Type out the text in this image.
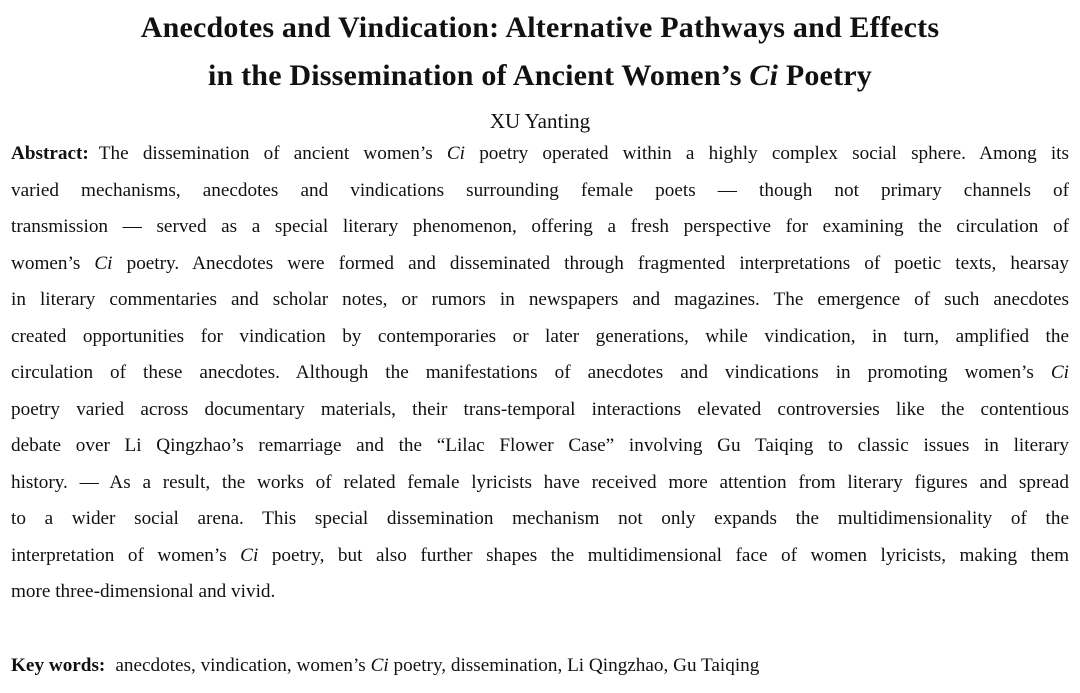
Anecdotes and Vindication: Alternative Pathways and Effects
in the Dissemination of Ancient Women’s Ci Poetry
XU Yanting
Abstract: The dissemination of ancient women’s Ci poetry operated within a highly complex social sphere. Among its
varied mechanisms, anecdotes and vindications surrounding female poets — though not primary channels of
transmission — served as a special literary phenomenon, offering a fresh perspective for examining the circulation of
women’s Ci poetry. Anecdotes were formed and disseminated through fragmented interpretations of poetic texts, hearsay
in literary commentaries and scholar notes, or rumors in newspapers and magazines. The emergence of such anecdotes
created opportunities for vindication by contemporaries or later generations, while vindication, in turn, amplified the
circulation of these anecdotes. Although the manifestations of anecdotes and vindications in promoting women’s Ci
poetry varied across documentary materials, their trans-temporal interactions elevated controversies like the contentious
debate over Li Qingzhao’s remarriage and the “Lilac Flower Case” involving Gu Taiqing to classic issues in literary
history. — As a result, the works of related female lyricists have received more attention from literary figures and spread
to a wider social arena. This special dissemination mechanism not only expands the multidimensionality of the
interpretation of women’s Ci poetry, but also further shapes the multidimensional face of women lyricists, making them
more three-dimensional and vivid.
Key words: anecdotes, vindication, women’s Ci poetry, dissemination, Li Qingzhao, Gu Taiqing
